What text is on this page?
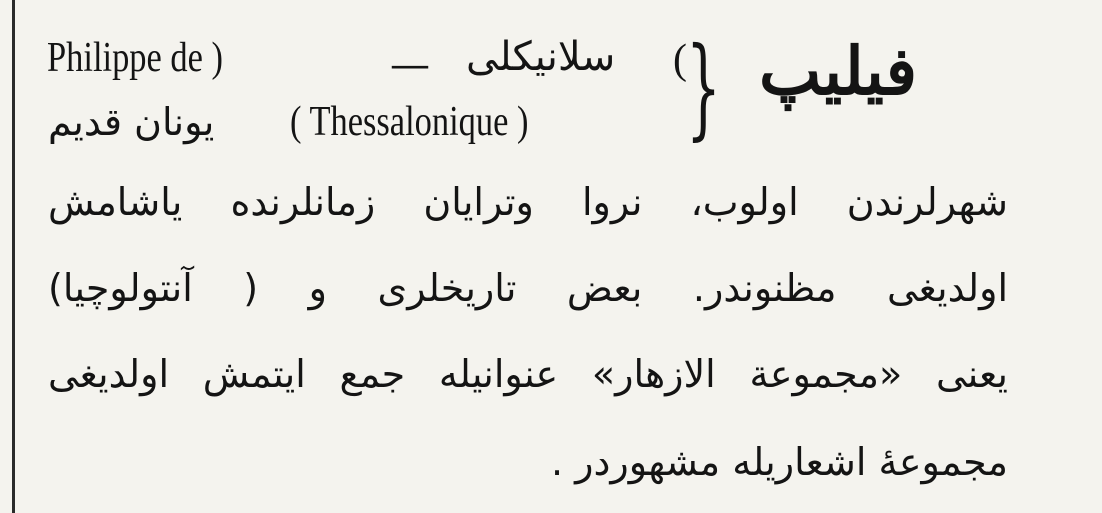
فيليپ
}
Philippe de )	— سلانيكلى (
يونان قديم ( Thessalonique )
شهرلرندن اولوب، نروا وترايان زمانلرنده ياشامش
اولديغى مظنوندر. بعض تاريخلرى و ( آنتولوچيا)
يعنى «مجموعة الازهار» عنوانيله جمع ايتمش اولديغى
مجموعهٔ اشعاريله مشهوردر .
